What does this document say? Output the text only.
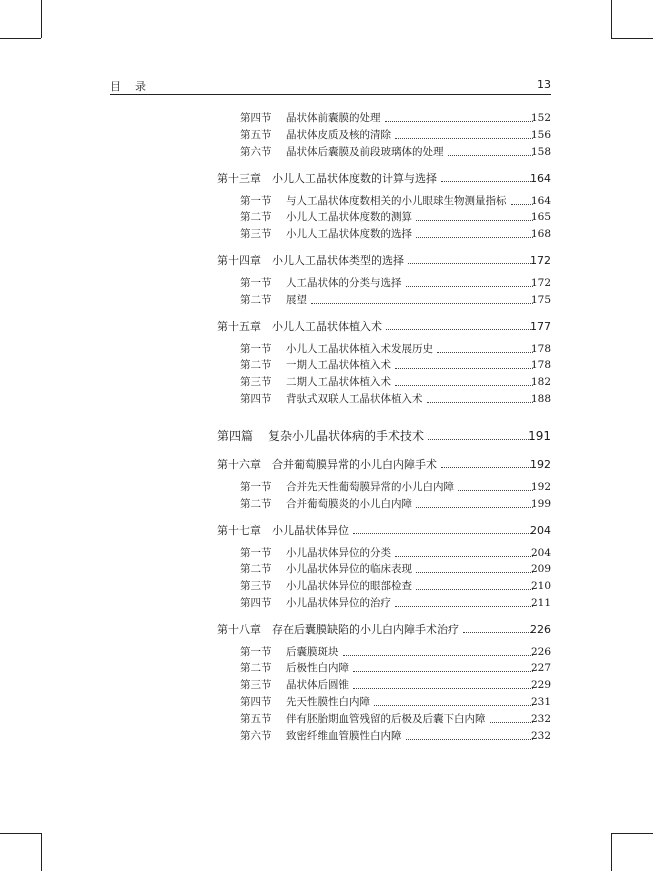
目录	13
第四节 晶状体前囊膜的处理	152
第五节 晶状体皮质及核的清除	156
第六节 晶状体后囊膜及前段玻璃体的处理	158
第十三章 小儿人工晶状体度数的计算与选择	164
第一节 与人工晶状体度数相关的小儿眼球生物测量指标	164
第二节 小儿人工晶状体度数的测算	165
第三节 小儿人工晶状体度数的选择	168
第十四章 小儿人工晶状体类型的选择	172
第一节 人工晶状体的分类与选择	172
第二节 展望	175
第十五章 小儿人工晶状体植入术	177
第一节 小儿人工晶状体植入术发展历史	178
第二节 一期人工晶状体植入术	178
第三节 二期人工晶状体植入术	182
第四节 背驮式双联人工晶状体植入术	188
第四篇 复杂小儿晶状体病的手术技术	191
第十六章 合并葡萄膜异常的小儿白内障手术	192
第一节 合并先天性葡萄膜异常的小儿白内障	192
第二节 合并葡萄膜炎的小儿白内障	199
第十七章 小儿晶状体异位	204
第一节 小儿晶状体异位的分类	204
第二节 小儿晶状体异位的临床表现	209
第三节 小儿晶状体异位的眼部检查	210
第四节 小儿晶状体异位的治疗	211
第十八章 存在后囊膜缺陷的小儿白内障手术治疗	226
第一节 后囊膜斑块	226
第二节 后极性白内障	227
第三节 晶状体后圆锥	229
第四节 先天性膜性白内障	231
第五节 伴有胚胎期血管残留的后极及后囊下白内障	232
第六节 致密纤维血管膜性白内障	232
